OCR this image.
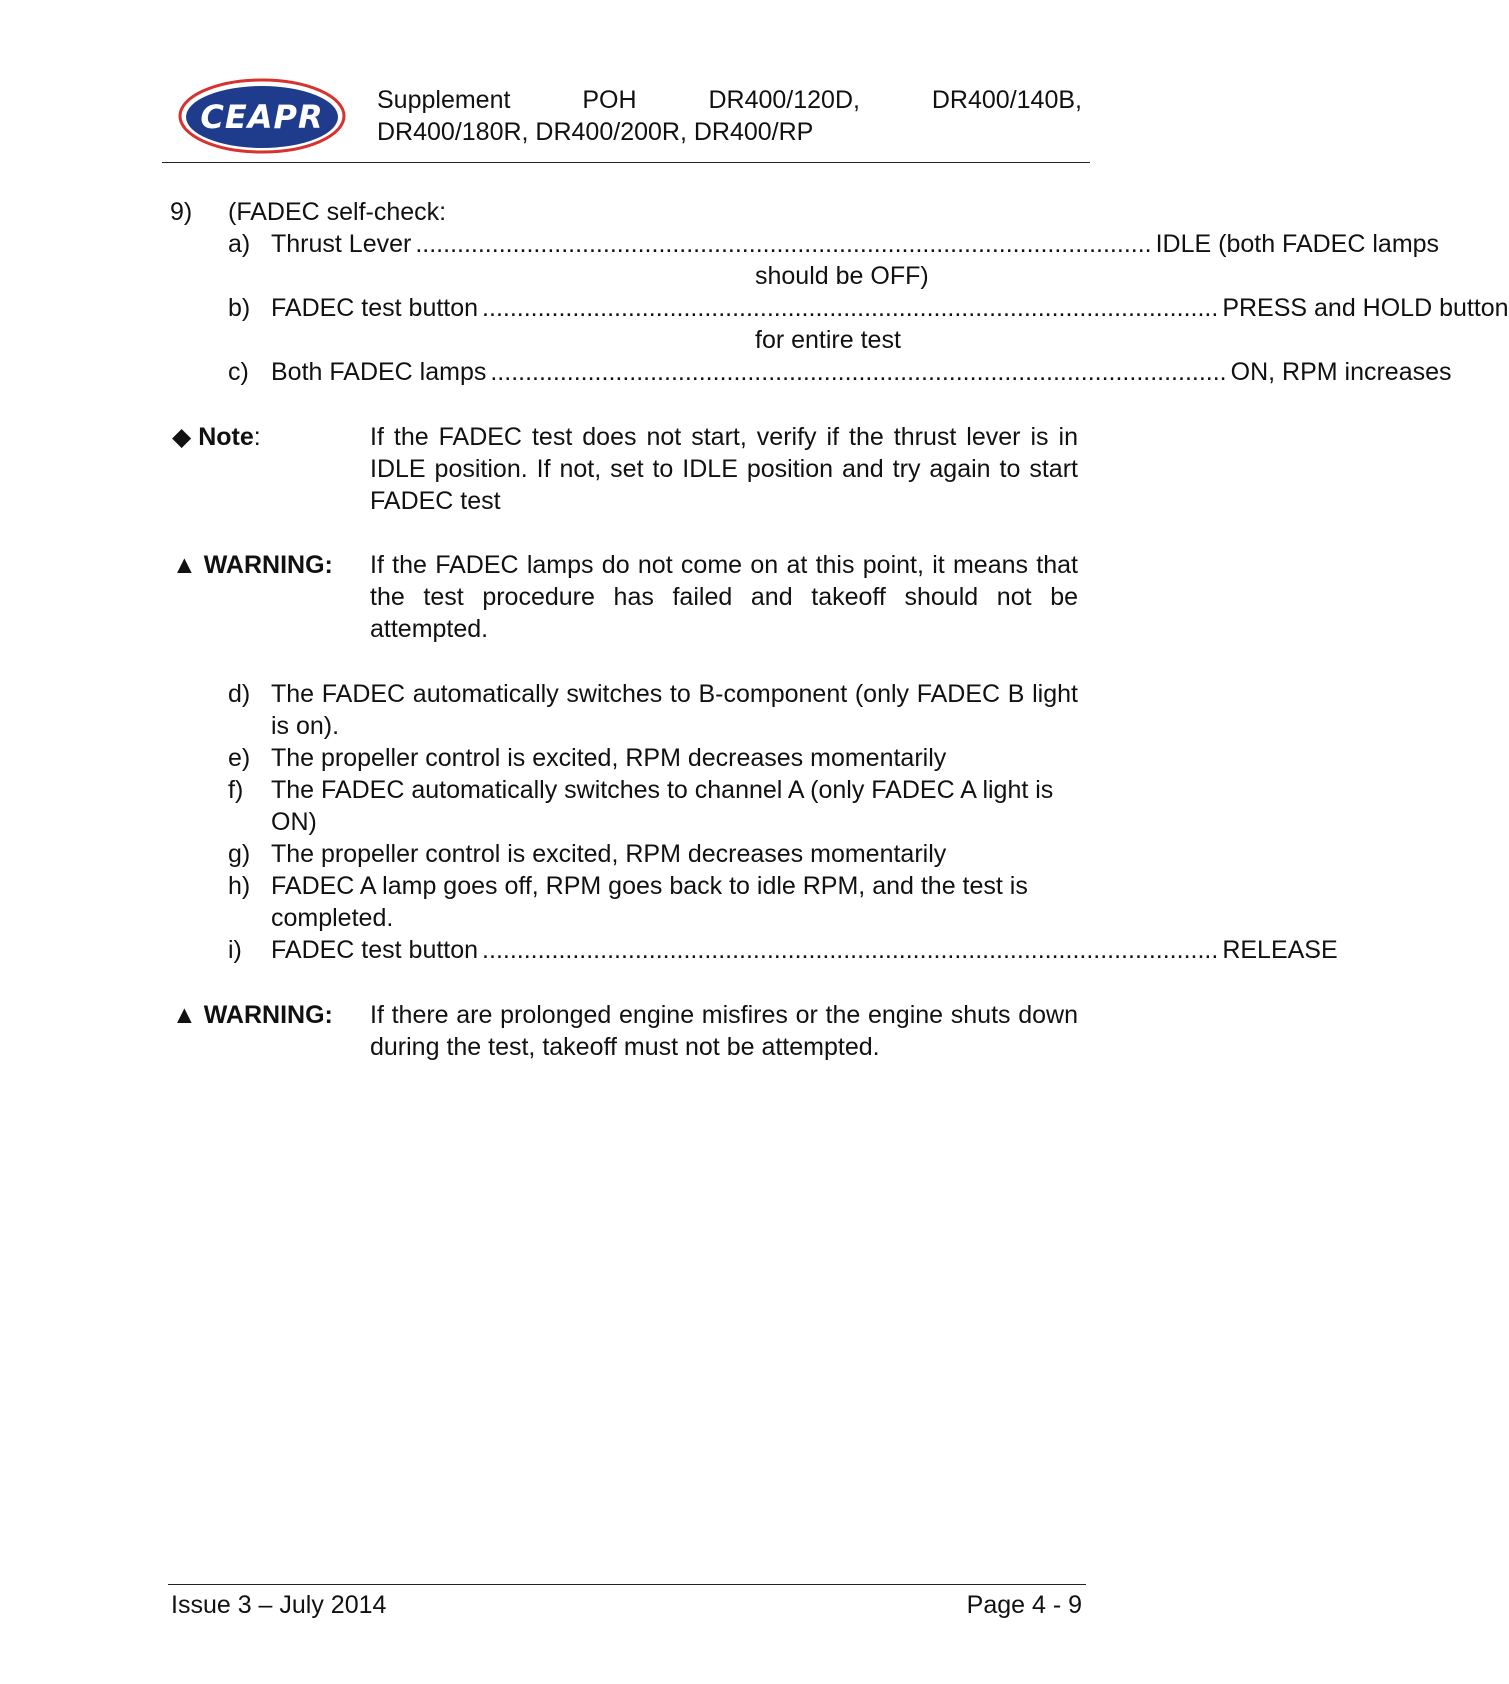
CEAPR Supplement	POH	DR400/120D,	DR400/140B,
DR400/180R, DR400/200R, DR400/RP
9) (FADEC self-check:
a) Thrust Lever .......................................................................................................... IDLE (both FADEC lamps
should be OFF)
b) FADEC test button .......................................................................................................... PRESS and HOLD button
for entire test
c) Both FADEC lamps .......................................................................................................... ON, RPM increases
◆ Note:	If the FADEC test does not start, verify if the thrust lever is in IDLE position. If not, set to IDLE position and try again to start FADEC test
▲ WARNING: If the FADEC lamps do not come on at this point, it means that the test procedure has failed and takeoff should not be attempted.
d) The FADEC automatically switches to B-component (only FADEC B light is on).
e) The propeller control is excited, RPM decreases momentarily
f) The FADEC automatically switches to channel A (only FADEC A light is ON)
g) The propeller control is excited, RPM decreases momentarily
h) FADEC A lamp goes off, RPM goes back to idle RPM, and the test is completed.
i) FADEC test button .......................................................................................................... RELEASE
▲ WARNING: If there are prolonged engine misfires or the engine shuts down during the test, takeoff must not be attempted.
Issue 3 – July 2014	Page 4 - 9
